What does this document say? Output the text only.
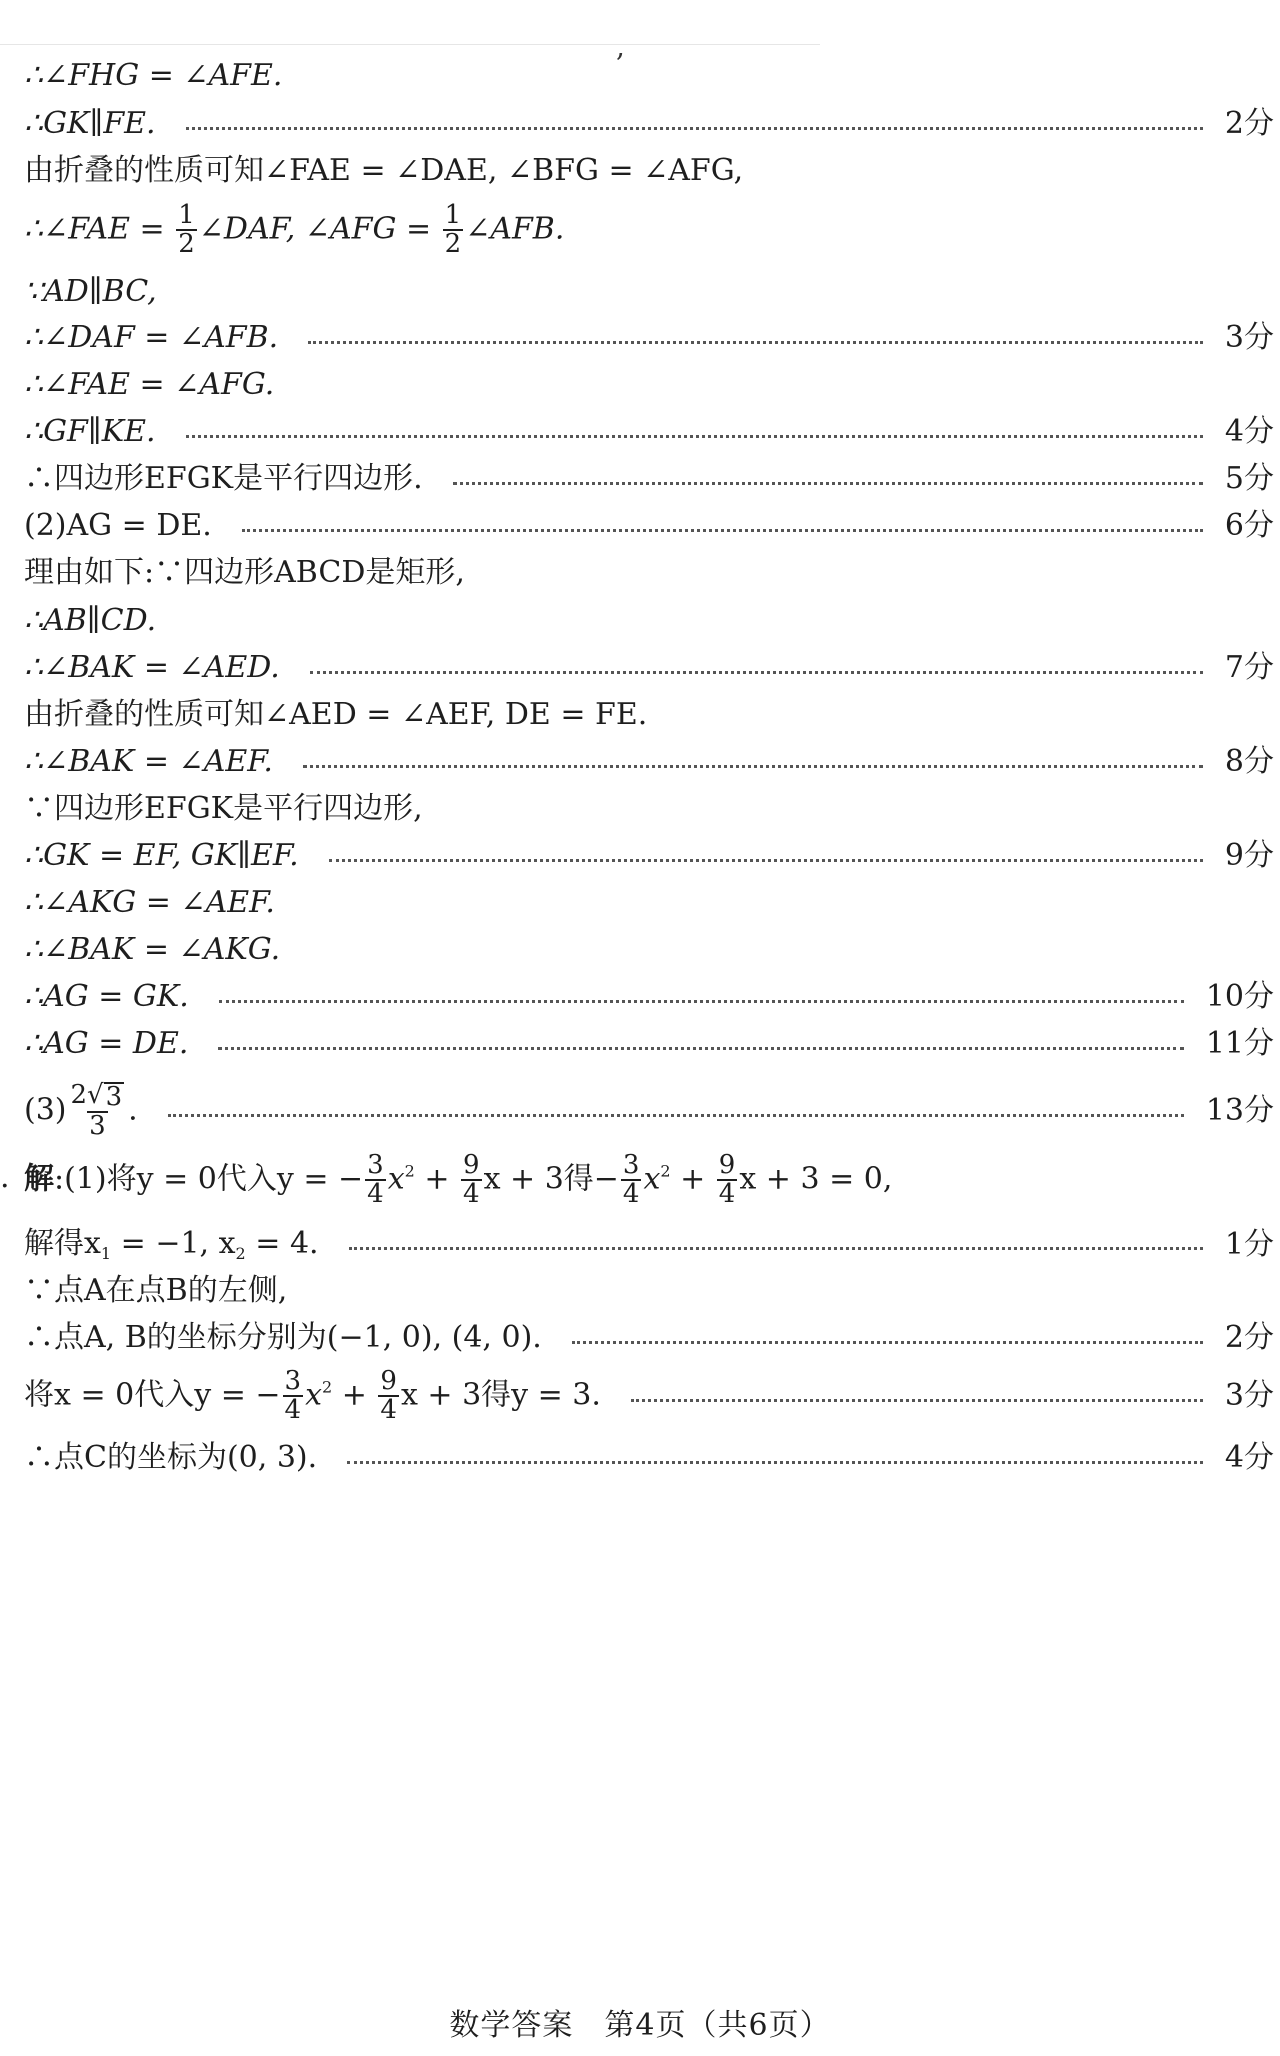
,
∴∠FHG = ∠AFE.
∴GK∥FE.	2分
由折叠的性质可知∠FAE = ∠DAE, ∠BFG = ∠AFG,
∴∠FAE = $\frac{1}{2}$ ∠DAF, ∠AFG = $\frac{1}{2}$ ∠AFB.
∵AD∥BC,
∴∠DAF = ∠AFB.	3分
∴∠FAE = ∠AFG.
∴GF∥KE.	4分
∴四边形EFGK是平行四边形.	5分
(2)AG = DE.	6分
理由如下:∵四边形ABCD是矩形,
∴AB∥CD.
∴∠BAK = ∠AED.	7分
由折叠的性质可知∠AED = ∠AEF, DE = FE.
∴∠BAK = ∠AEF.	8分
∵四边形EFGK是平行四边形,
∴GK = EF, GK∥EF.	9分
∴∠AKG = ∠AEF.
∴∠BAK = ∠AKG.
∴AG = GK.	10分
∴AG = DE.	11分
$(3) \frac{2 √ 3}{3}$ .	13分
. 解:(1)将y = 0代入y = − $\frac{3}{4} x^2 + \frac{9}{4}$ x + 3得− $\frac{3}{4} x^2 + \frac{9}{4}$ x + 3 = 0,
解得$x_1 = -1$, $x_2 = 4$.	1分
∵点A在点B的左侧,
∴点A, B的坐标分别为(−1, 0), (4, 0).	2分
将x = 0代入y = − $\frac{3}{4} x^2 + \frac{9}{4}$ x + 3得y = 3.	3分
∴点C的坐标为(0, 3).	4分
数学答案　第4页（共6页）
